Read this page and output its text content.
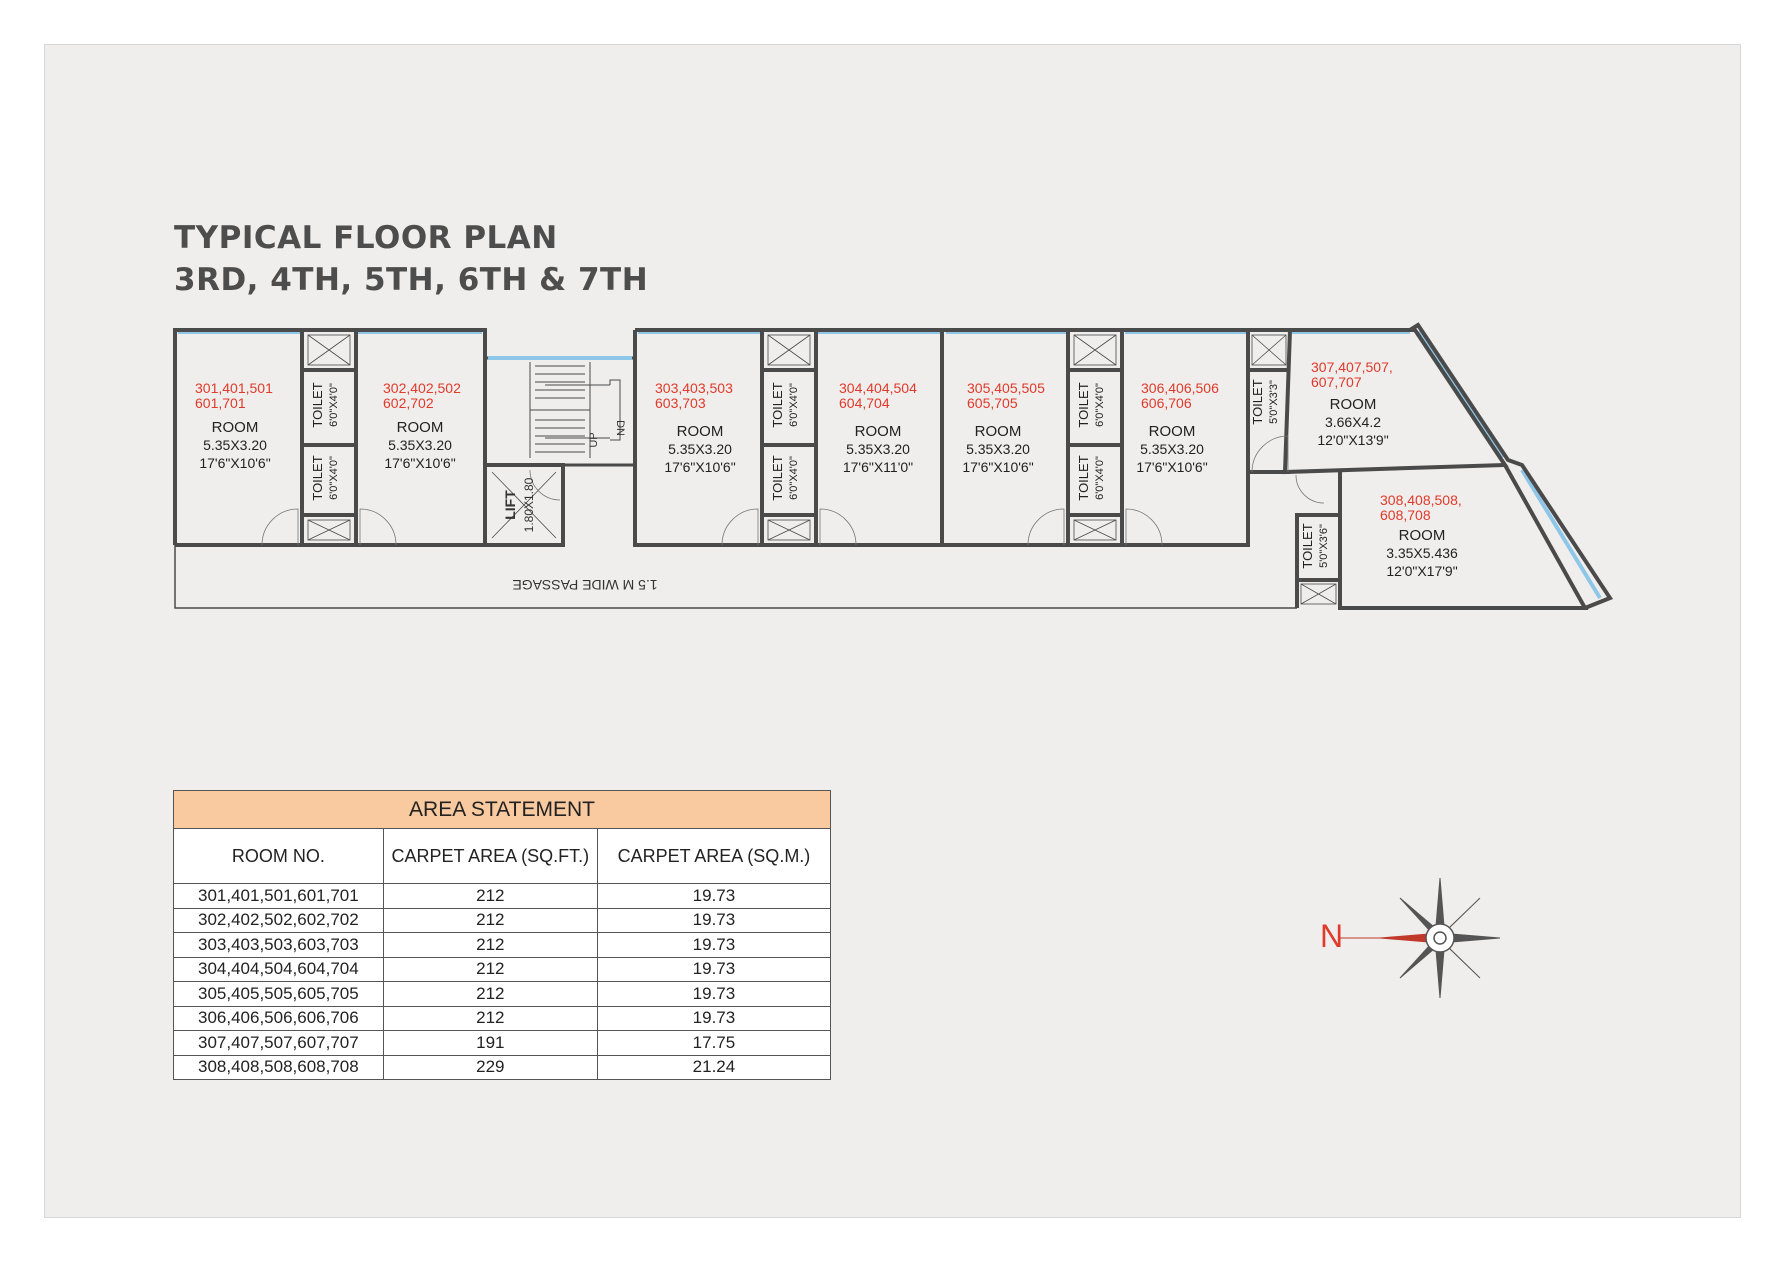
TYPICAL FLOOR PLAN
3RD, 4TH, 5TH, 6TH & 7TH
1.5 M WIDE PASSAGE
LIFT 1.80X1.80
UP
DN
301,401,501
601,701
ROOM
5.35X3.20
17'6"X10'6"
302,402,502
602,702
ROOM
5.35X3.20
17'6"X10'6"
303,403,503
603,703
ROOM
5.35X3.20
17'6"X10'6"
304,404,504
604,704
ROOM
5.35X3.20
17'6"X11'0"
305,405,505
605,705
ROOM
5.35X3.20
17'6"X10'6"
306,406,506
606,706
ROOM
5.35X3.20
17'6"X10'6"
307,407,507,
607,707
ROOM
3.66X4.2
12'0"X13'9"
308,408,508,
608,708
ROOM
3.35X5.436
12'0"X17'9"
TOILET 6'0"X4'0"
TOILET 6'0"X4'0"
TOILET 6'0"X4'0"
TOILET 6'0"X4'0"
TOILET 6'0"X4'0"
TOILET 6'0"X4'0"
TOILET 5'0"X3'3"
TOILET 5'0"X3'6"
AREA STATEMENT		
ROOM NO.	CARPET AREA (SQ.FT.)	CARPET AREA (SQ.M.)
301,401,501,601,701	212	19.73
302,402,502,602,702	212	19.73
303,403,503,603,703	212	19.73
304,404,504,604,704	212	19.73
305,405,505,605,705	212	19.73
306,406,506,606,706	212	19.73
307,407,507,607,707	191	17.75
308,408,508,608,708	229	21.24
N
